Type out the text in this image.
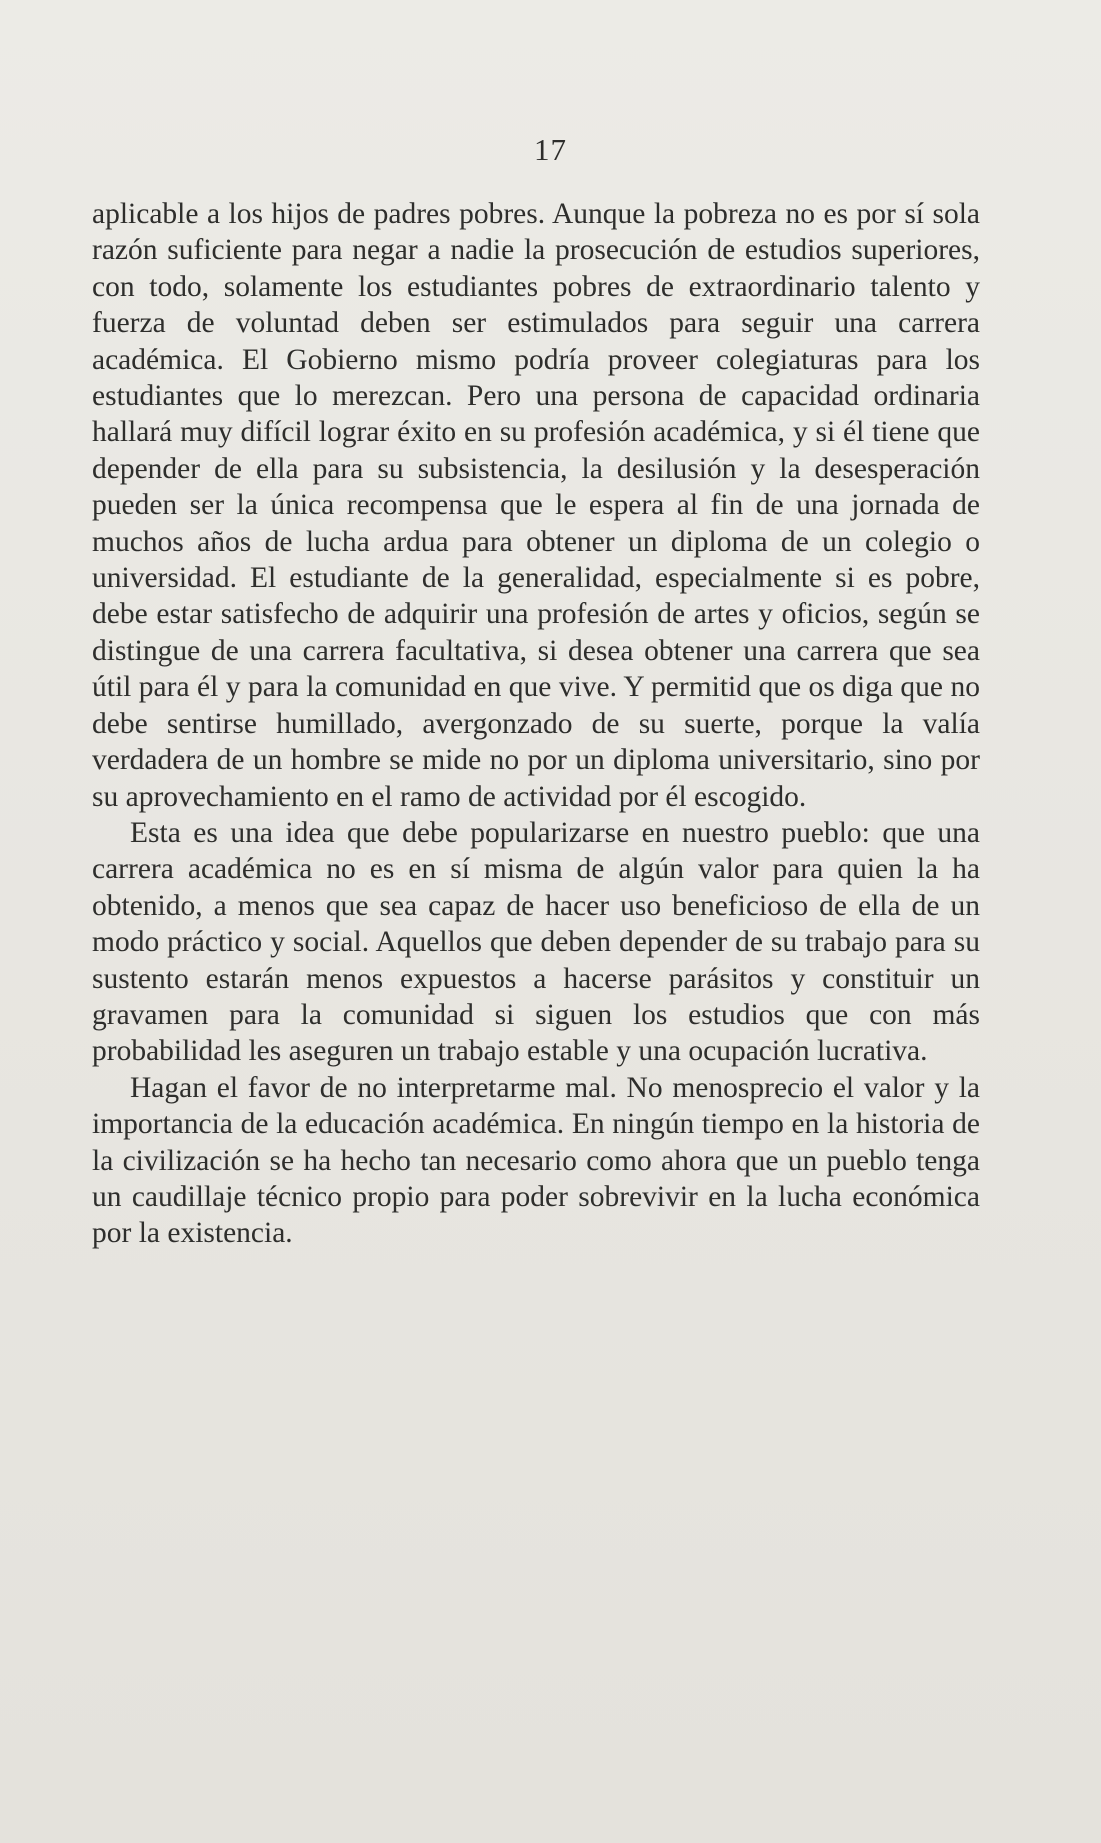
17

aplicable a los hijos de padres pobres. Aunque la pobreza no es por sí sola razón suficiente para negar a nadie la prosecución de estudios superiores, con todo, solamente los estudiantes pobres de extraordinario talento y fuerza de voluntad deben ser estimulados para seguir una carrera académica. El Gobierno mismo podría proveer colegiaturas para los estudiantes que lo merezcan. Pero una persona de capacidad ordinaria hallará muy difícil lograr éxito en su profesión académica, y si él tiene que depender de ella para su subsistencia, la desilusión y la desesperación pueden ser la única recompensa que le espera al fin de una jornada de muchos años de lucha ardua para obtener un diploma de un colegio o universidad. El estudiante de la generalidad, especialmente si es pobre, debe estar satisfecho de adquirir una profesión de artes y oficios, según se distingue de una carrera facultativa, si desea obtener una carrera que sea útil para él y para la comunidad en que vive. Y permitid que os diga que no debe sentirse humillado, avergonzado de su suerte, porque la valía verdadera de un hombre se mide no por un diploma universitario, sino por su aprovechamiento en el ramo de actividad por él escogido.

Esta es una idea que debe popularizarse en nuestro pueblo: que una carrera académica no es en sí misma de algún valor para quien la ha obtenido, a menos que sea capaz de hacer uso beneficioso de ella de un modo práctico y social. Aquellos que deben depender de su trabajo para su sustento estarán menos expuestos a hacerse parásitos y constituir un gravamen para la comunidad si siguen los estudios que con más probabilidad les aseguren un trabajo estable y una ocupación lucrativa.

Hagan el favor de no interpretarme mal. No menosprecio el valor y la importancia de la educación académica. En ningún tiempo en la historia de la civilización se ha hecho tan necesario como ahora que un pueblo tenga un caudillaje técnico propio para poder sobrevivir en la lucha económica por la existencia.
